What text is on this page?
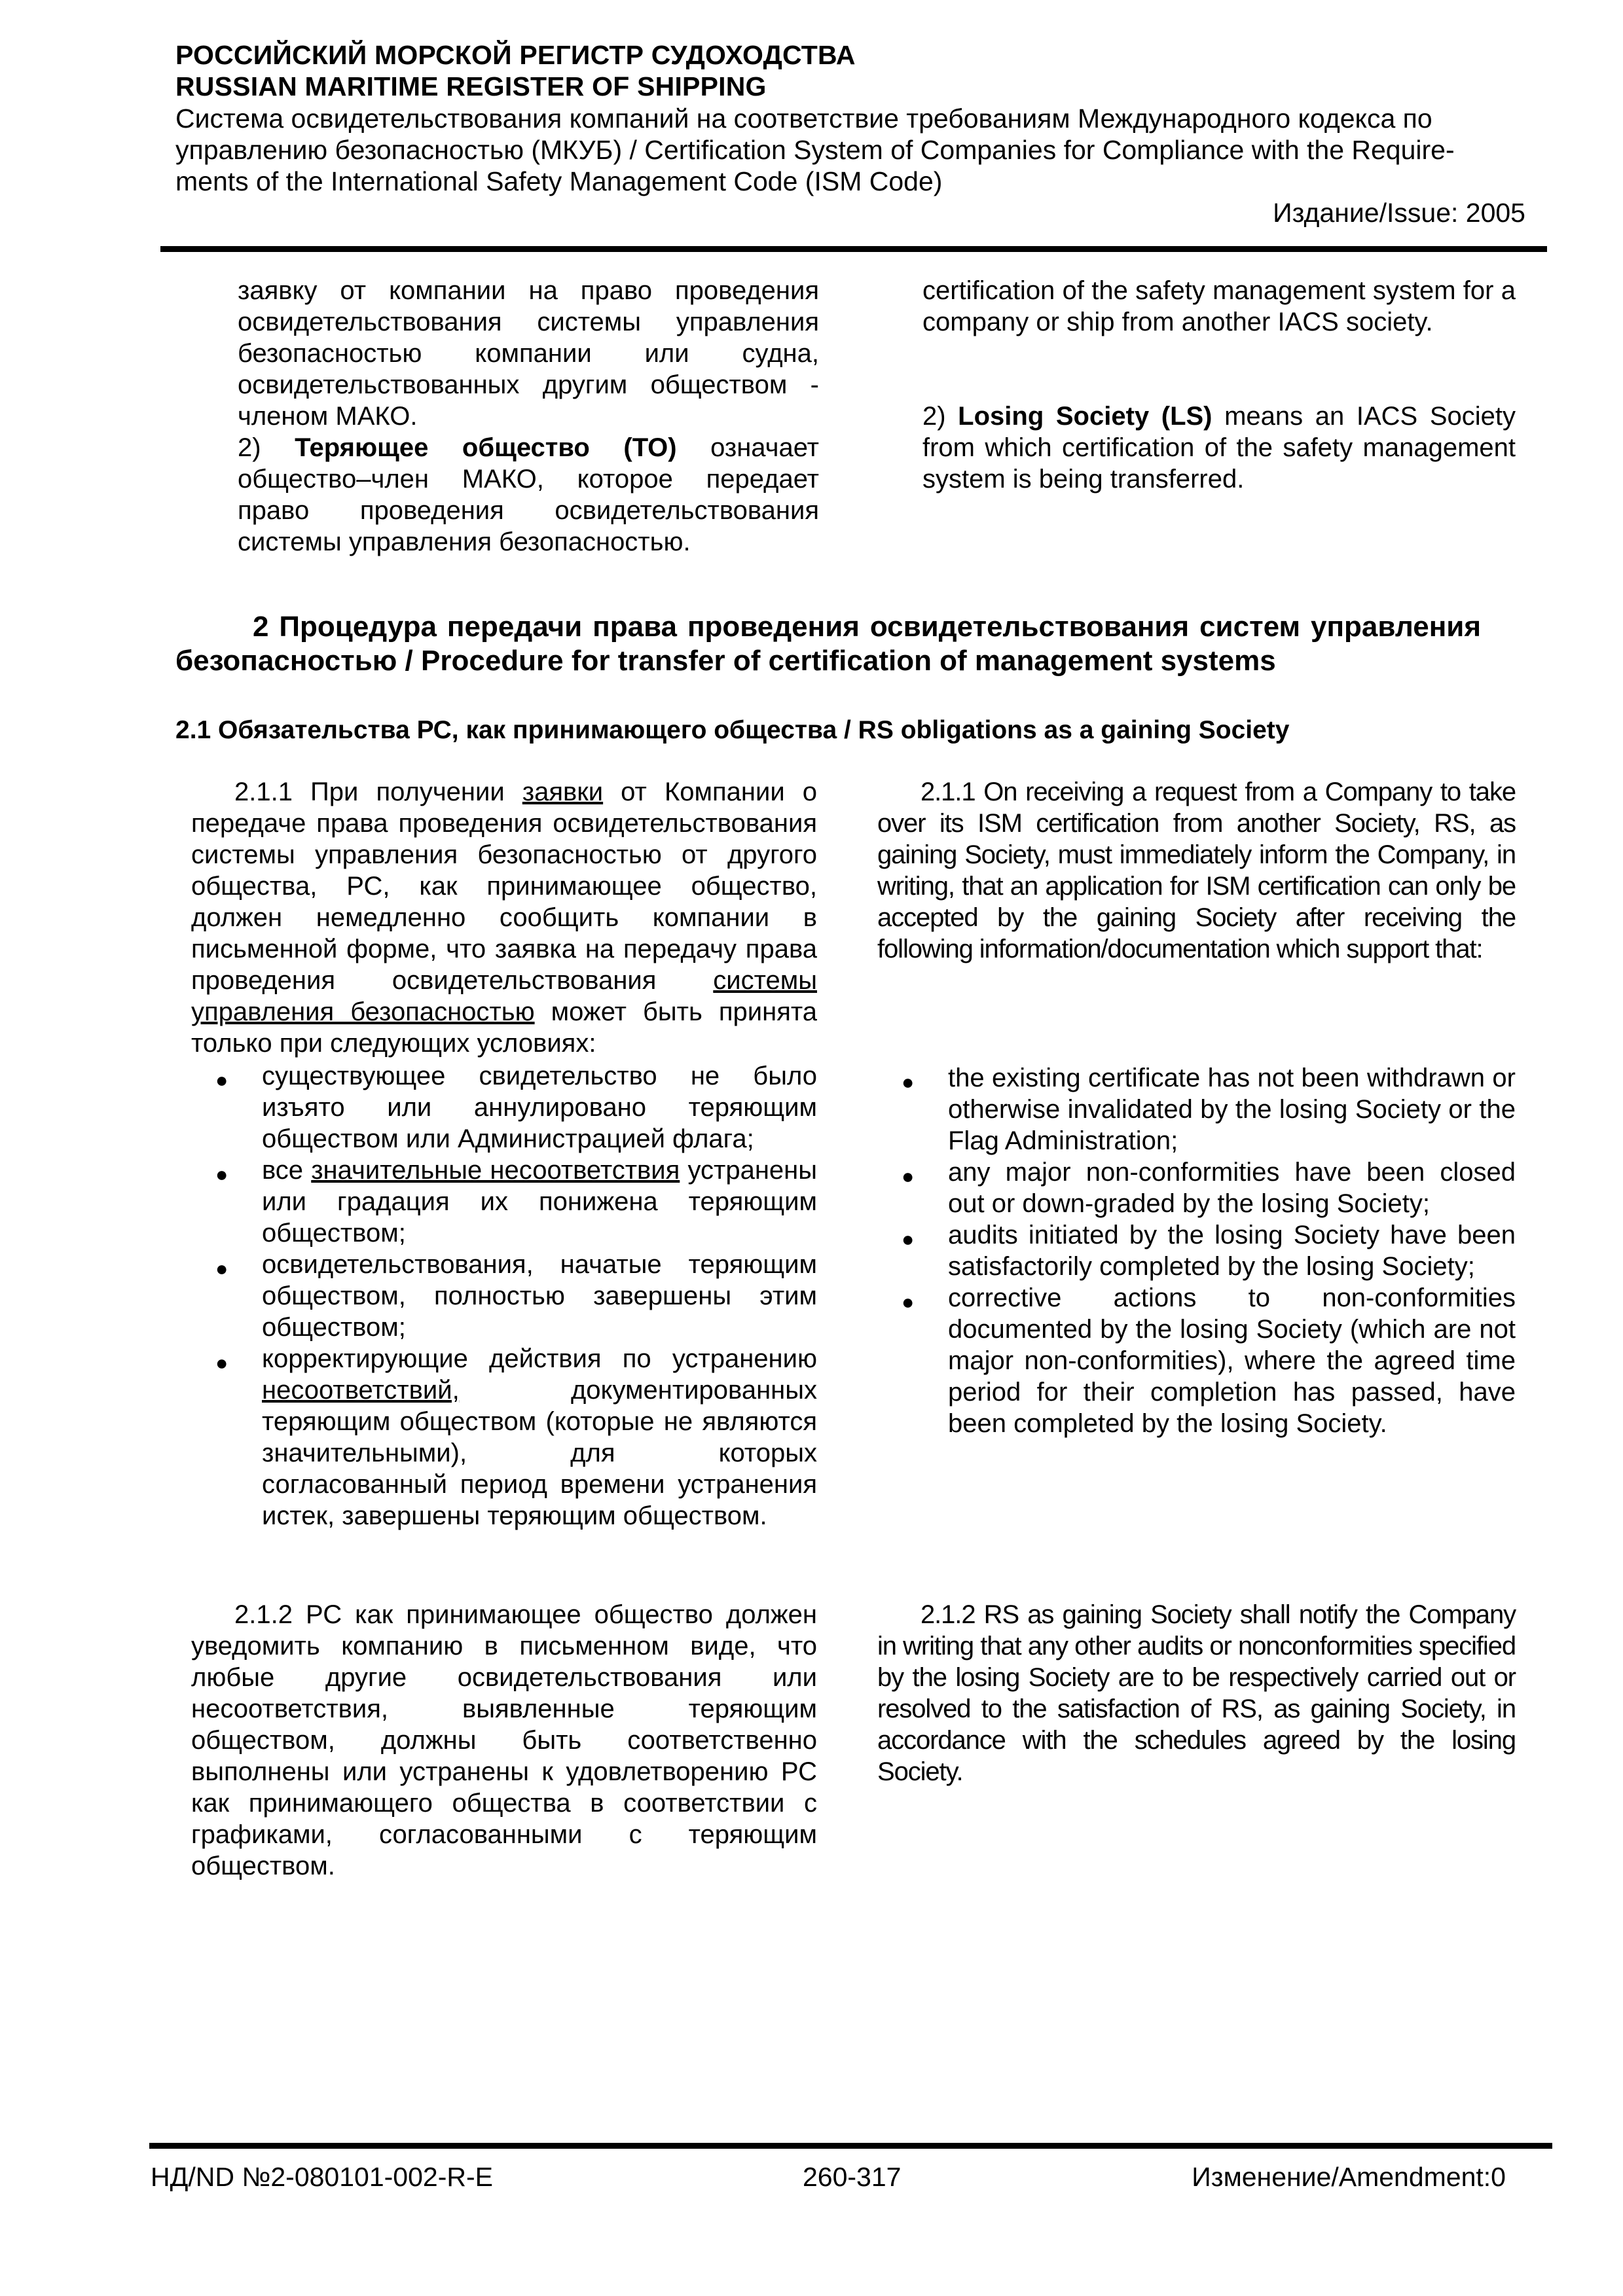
РОССИЙСКИЙ МОРСКОЙ РЕГИСТР СУДОХОДСТВА
RUSSIAN MARITIME REGISTER OF SHIPPING
Система освидетельствования компаний на соответствие требованиям Международного кодекса по
управлению безопасностью (МКУБ) / Certification System of Companies for Compliance with the Require-
ments of the International Safety Management Code (ISM Code)
Издание/Issue: 2005

заявку от компании на право проведения освидетельствования системы управления безопасностью компании или судна, освидетельствованных другим обществом - членом МАКО.

2) Теряющее общество (ТО) означает общество–член МАКО, которое передает право проведения освидетельствования системы управления безопасностью.

certification of the safety management system for a company or ship from another IACS society.

2) Losing Society (LS) means an IACS Society from which certification of the safety management system is being transferred.

2 Процедура передачи права проведения освидетельствования систем управления безопасностью / Procedure for transfer of certification of management systems
2.1 Обязательства РС, как принимающего общества / RS obligations as a gaining Society

2.1.1 При получении заявки от Компании о передаче права проведения освидетельствования системы управления безопасностью от другого общества, РС, как принимающее общество, должен немедленно сообщить компании в письменной форме, что заявка на передачу права проведения освидетельствования системы управления безопасностью может быть принята только при следующих условиях:

● существующее свидетельство не было изъято или аннулировано теряющим обществом или Администрацией флага;
● все значительные несоответствия устранены или градация их понижена теряющим обществом;
● освидетельствования, начатые теряющим обществом, полностью завершены этим обществом;
● корректирующие действия по устранению несоответствий, документированных теряющим обществом (которые не являются значительными), для которых согласованный период времени устранения истек, завершены теряющим обществом.

2.1.1 On receiving a request from a Company to take over its ISM certification from another Society, RS, as gaining Society, must immediately inform the Company, in writing, that an application for ISM certification can only be accepted by the gaining Society after receiving the following information/documentation which support that:

● the existing certificate has not been withdrawn or otherwise invalidated by the losing Society or the Flag Administration;
● any major non-conformities have been closed out or down-graded by the losing Society;
● audits initiated by the losing Society have been satisfactorily completed by the losing Society;
● corrective actions to non-conformities documented by the losing Society (which are not major non-conformities), where the agreed time period for their completion has passed, have been completed by the losing Society.

2.1.2 РС как принимающее общество должен уведомить компанию в письменном виде, что любые другие освидетельствования или несоответствия, выявленные теряющим обществом, должны быть соответственно выполнены или устранены к удовлетворению РС как принимающего общества в соответствии с графиками, согласованными с теряющим обществом.

2.1.2 RS as gaining Society shall notify the Company in writing that any other audits or nonconformities specified by the losing Society are to be respectively carried out or resolved to the satisfaction of RS, as gaining Society, in accordance with the schedules agreed by the losing Society.

НД/ND №2-080101-002-R-E	260-317	Изменение/Amendment:0
